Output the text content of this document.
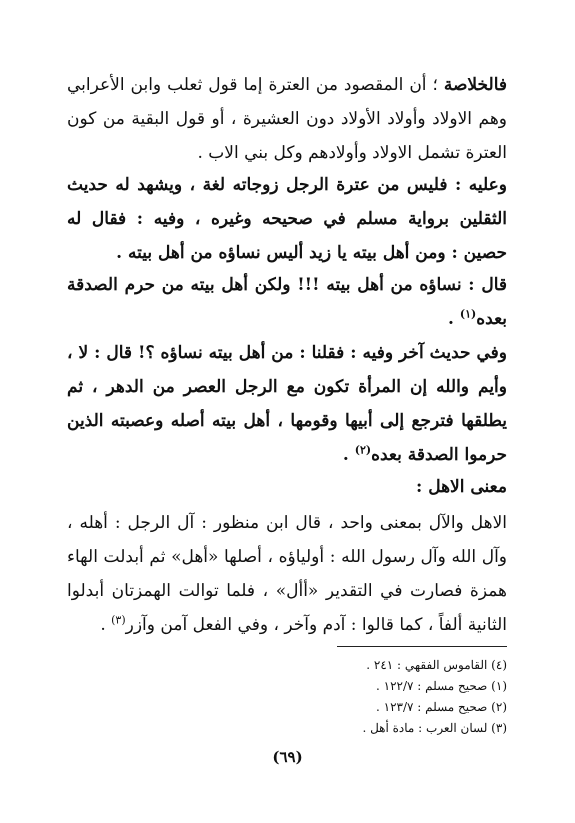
فالخلاصة ؛ أن المقصود من العترة إما قول ثعلب وابن الأعرابي وهم الاولاد وأولاد الأولاد دون العشيرة ، أو قول البقية من كون العترة تشمل الاولاد وأولادهم وكل بني الاب .

وعليه : فليس من عترة الرجل زوجاته لغة ، ويشهد له حديث الثقلين برواية مسلم في صحيحه وغيره ، وفيه : فقال له حصين : ومن أهل بيته يا زيد أليس نساؤه من أهل بيته .

قال : نساؤه من أهل بيته !!! ولكن أهل بيته من حرم الصدقة بعده$^{(١)}$ .

وفي حديث آخر وفيه : فقلنا : من أهل بيته نساؤه ؟! قال : لا ، وأيم والله إن المرأة تكون مع الرجل العصر من الدهر ، ثم يطلقها فترجع إلى أبيها وقومها ، أهل بيته أصله وعصبته الذين حرموا الصدقة بعده$^{(٢)}$ .

معنى الاهل :

الاهل والآل بمعنى واحد ، قال ابن منظور : آل الرجل : أهله ، وآل الله وآل رسول الله : أولياؤه ، أصلها «أهل» ثم أبدلت الهاء همزة فصارت في التقدير «أأل» ، فلما توالت الهمزتان أبدلوا الثانية ألفاً ، كما قالوا : آدم وآخر ، وفي الفعل آمن وآزر$^{(٣)}$ .

(٤) القاموس الفقهي : ٢٤١ .

(١) صحيح مسلم : ١٢٢/٧ .

(٢) صحيح مسلم : ١٢٣/٧ .

(٣) لسان العرب : مادة أهل .

(٦٩)
